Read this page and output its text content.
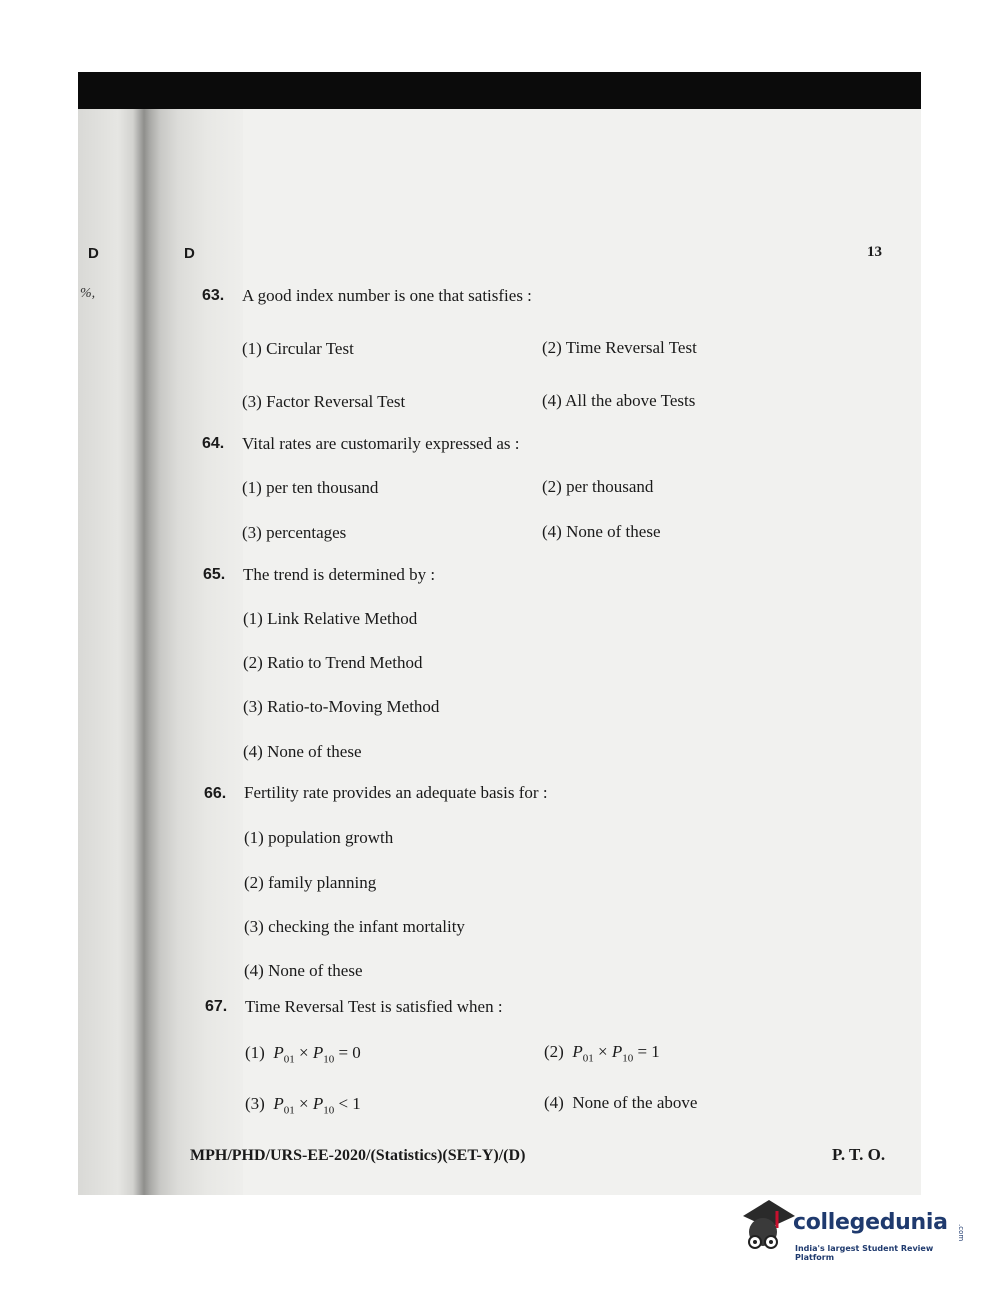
D	D	13
%,	63. A good index number is one that satisfies :
(1) Circular Test	(2) Time Reversal Test
(3) Factor Reversal Test	(4) All the above Tests
64. Vital rates are customarily expressed as :
(1) per ten thousand	(2) per thousand
(3) percentages	(4) None of these
65. The trend is determined by :
(1) Link Relative Method
(2) Ratio to Trend Method
(3) Ratio-to-Moving Method
(4) None of these
66. Fertility rate provides an adequate basis for :
(1) population growth
(2) family planning
(3) checking the infant mortality
(4) None of these
67. Time Reversal Test is satisfied when :
(1) $P_{01} \times P_{10} = 0$	(2) $P_{01} \times P_{10} = 1$
(3) $P_{01} \times P_{10} < 1$	(4) None of the above
MPH/PHD/URS-EE-2020/(Statistics)(SET-Y)/(D)	P. T. O.
collegedunia .com
India's largest Student Review Platform
